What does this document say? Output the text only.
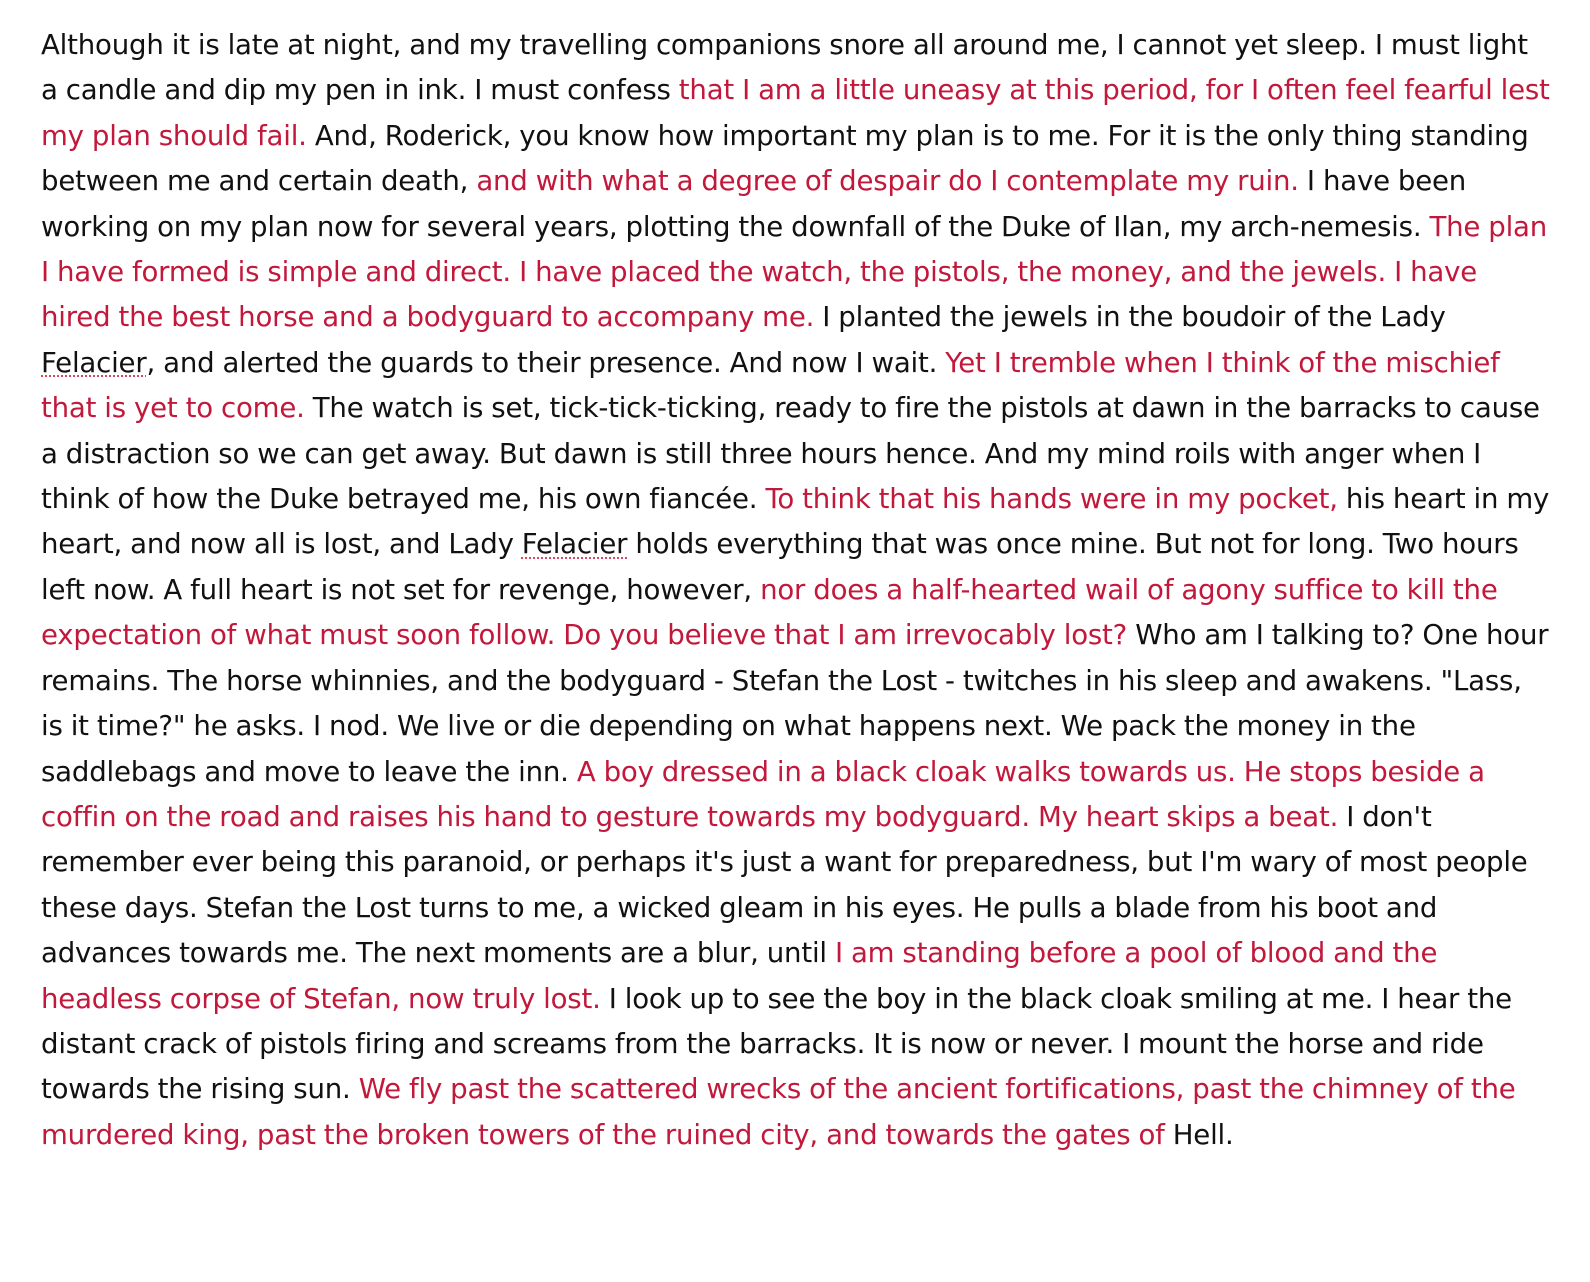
Although it is late at night, and my travelling companions snore all around me, I cannot yet sleep. I must light a candle and dip my pen in ink. I must confess that I am a little uneasy at this period, for I often feel fearful lest my plan should fail. And, Roderick, you know how important my plan is to me. For it is the only thing standing between me and certain death, and with what a degree of despair do I contemplate my ruin. I have been working on my plan now for several years, plotting the downfall of the Duke of Ilan, my arch-nemesis. The plan I have formed is simple and direct. I have placed the watch, the pistols, the money, and the jewels. I have hired the best horse and a bodyguard to accompany me. I planted the jewels in the boudoir of the Lady Felacier, and alerted the guards to their presence. And now I wait. Yet I tremble when I think of the mischief that is yet to come. The watch is set, tick-tick-ticking, ready to fire the pistols at dawn in the barracks to cause a distraction so we can get away. But dawn is still three hours hence. And my mind roils with anger when I think of how the Duke betrayed me, his own fiancée. To think that his hands were in my pocket, his heart in my heart, and now all is lost, and Lady Felacier holds everything that was once mine. But not for long. Two hours left now. A full heart is not set for revenge, however, nor does a half-hearted wail of agony suffice to kill the expectation of what must soon follow. Do you believe that I am irrevocably lost? Who am I talking to? One hour remains. The horse whinnies, and the bodyguard - Stefan the Lost - twitches in his sleep and awakens. "Lass, is it time?" he asks. I nod. We live or die depending on what happens next. We pack the money in the saddlebags and move to leave the inn. A boy dressed in a black cloak walks towards us. He stops beside a coffin on the road and raises his hand to gesture towards my bodyguard. My heart skips a beat. I don't remember ever being this paranoid, or perhaps it's just a want for preparedness, but I'm wary of most people these days. Stefan the Lost turns to me, a wicked gleam in his eyes. He pulls a blade from his boot and advances towards me. The next moments are a blur, until I am standing before a pool of blood and the headless corpse of Stefan, now truly lost. I look up to see the boy in the black cloak smiling at me. I hear the distant crack of pistols firing and screams from the barracks. It is now or never. I mount the horse and ride towards the rising sun. We fly past the scattered wrecks of the ancient fortifications, past the chimney of the murdered king, past the broken towers of the ruined city, and towards the gates of Hell.
